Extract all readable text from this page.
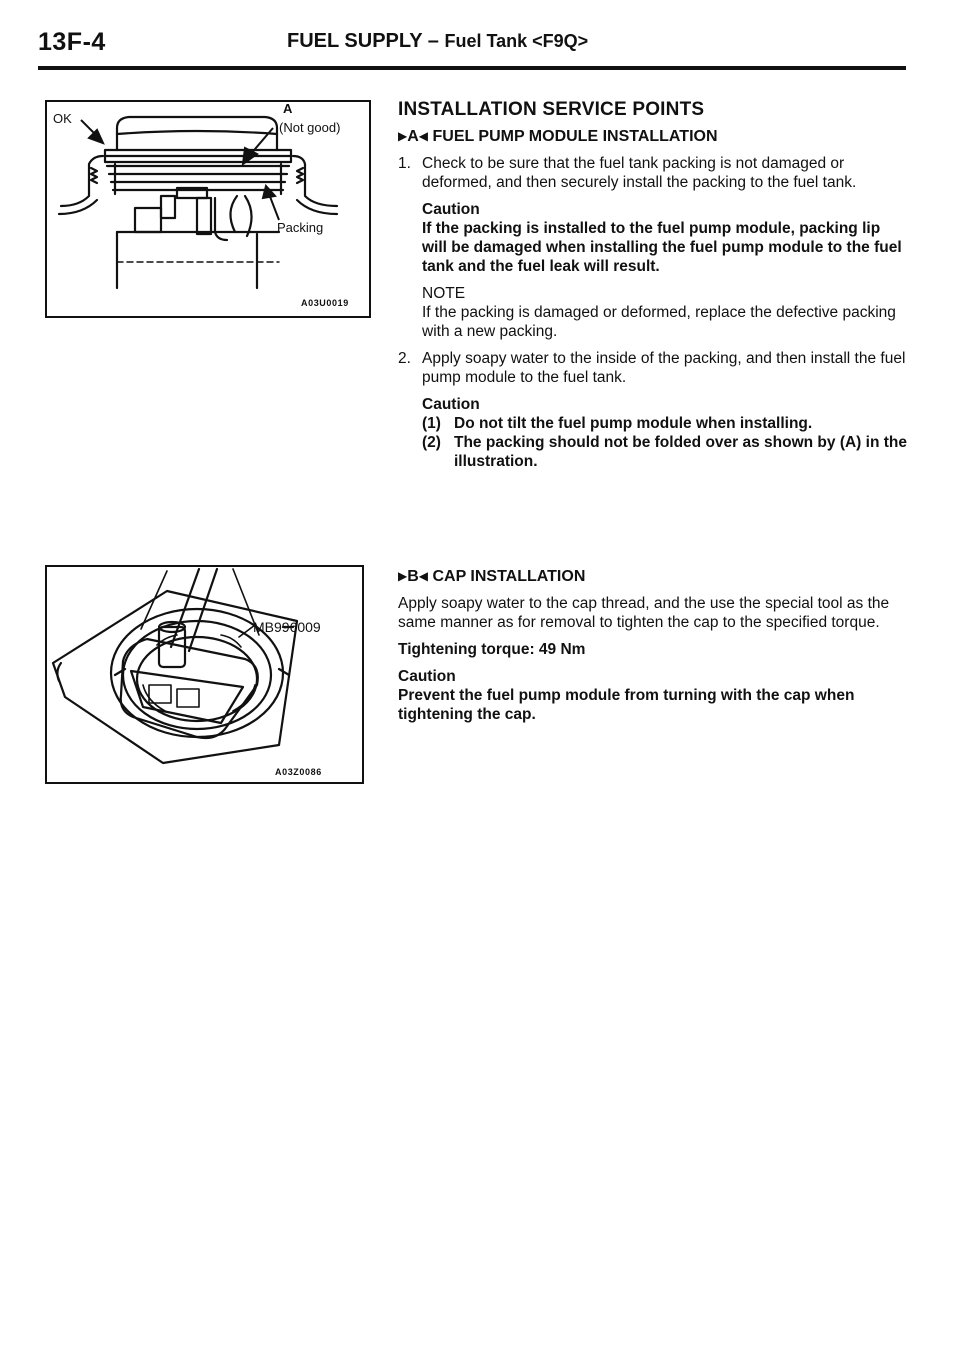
13F-4	FUEL SUPPLY – Fuel Tank <F9Q>
OK
A
(Not good)
Packing
A03U0019
MB996009
A03Z0086
INSTALLATION SERVICE POINTS
▶A◀ FUEL PUMP MODULE INSTALLATION
1. Check to be sure that the fuel tank packing is not damaged or deformed, and then securely install the packing to the fuel tank.
Caution
If the packing is installed to the fuel pump module, packing lip will be damaged when installing the fuel pump module to the fuel tank and the fuel leak will result.
NOTE
If the packing is damaged or deformed, replace the defective packing with a new packing.
2. Apply soapy water to the inside of the packing, and then install the fuel pump module to the fuel tank.
Caution
(1) Do not tilt the fuel pump module when installing.
(2) The packing should not be folded over as shown by (A) in the illustration.
▶B◀ CAP INSTALLATION
Apply soapy water to the cap thread, and the use the special tool as the same manner as for removal to tighten the cap to the specified torque.
Tightening torque: 49 Nm
Caution
Prevent the fuel pump module from turning with the cap when tightening the cap.
